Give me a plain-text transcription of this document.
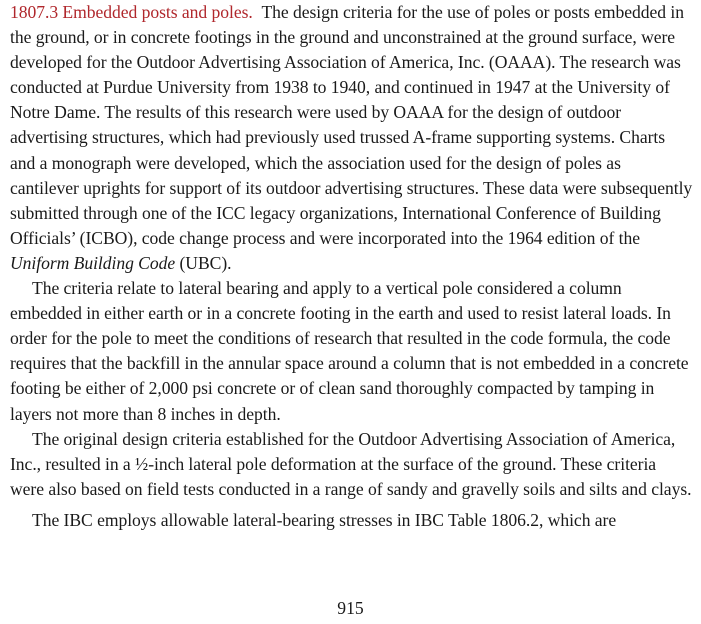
1807.3 Embedded posts and poles. The design criteria for the use of poles or posts embedded in the ground, or in concrete footings in the ground and unconstrained at the ground surface, were developed for the Outdoor Advertising Association of America, Inc. (OAAA). The research was conducted at Purdue University from 1938 to 1940, and continued in 1947 at the University of Notre Dame. The results of this research were used by OAAA for the design of outdoor advertising structures, which had previously used trussed A-frame supporting systems. Charts and a monograph were developed, which the association used for the design of poles as cantilever uprights for support of its outdoor advertising structures. These data were subsequently submitted through one of the ICC legacy organizations, International Conference of Building Officials’ (ICBO), code change process and were incorporated into the 1964 edition of the Uniform Building Code (UBC).

The criteria relate to lateral bearing and apply to a vertical pole considered a column embedded in either earth or in a concrete footing in the earth and used to resist lateral loads. In order for the pole to meet the conditions of research that resulted in the code formula, the code requires that the backfill in the annular space around a column that is not embedded in a concrete footing be either of 2,000 psi concrete or of clean sand thoroughly compacted by tamping in layers not more than 8 inches in depth.

The original design criteria established for the Outdoor Advertising Association of America, Inc., resulted in a ½-inch lateral pole deformation at the surface of the ground. These criteria were also based on field tests conducted in a range of sandy and gravelly soils and silts and clays.

The IBC employs allowable lateral-bearing stresses in IBC Table 1806.2, which are

915
